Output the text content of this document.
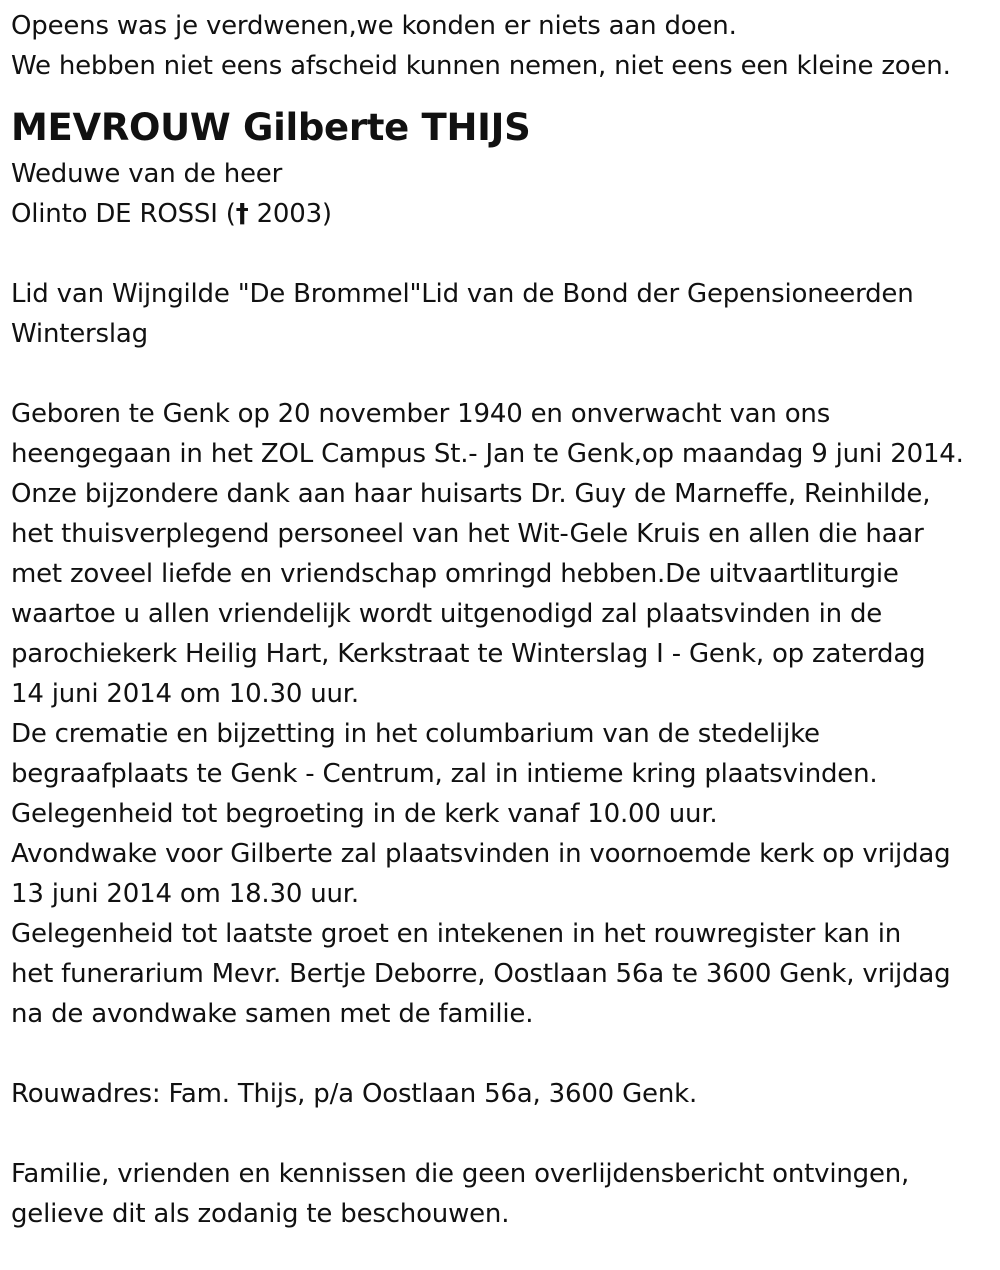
Opeens was je verdwenen,we konden er niets aan doen.
We hebben niet eens afscheid kunnen nemen, niet eens een kleine zoen.
MEVROUW Gilberte THIJS
Weduwe van de heer
Olinto DE ROSSI († 2003)
Lid van Wijngilde "De Brommel"Lid van de Bond der Gepensioneerden
Winterslag
Geboren te Genk op 20 november 1940 en onverwacht van ons
heengegaan in het ZOL Campus St.- Jan te Genk,op maandag 9 juni 2014.
Onze bijzondere dank aan haar huisarts Dr. Guy de Marneffe, Reinhilde,
het thuisverplegend personeel van het Wit-Gele Kruis en allen die haar
met zoveel liefde en vriendschap omringd hebben.De uitvaartliturgie
waartoe u allen vriendelijk wordt uitgenodigd zal plaatsvinden in de
parochiekerk Heilig Hart, Kerkstraat te Winterslag I - Genk, op zaterdag
14 juni 2014 om 10.30 uur.
De crematie en bijzetting in het columbarium van de stedelijke
begraafplaats te Genk - Centrum, zal in intieme kring plaatsvinden.
Gelegenheid tot begroeting in de kerk vanaf 10.00 uur.
Avondwake voor Gilberte zal plaatsvinden in voornoemde kerk op vrijdag
13 juni 2014 om 18.30 uur.
Gelegenheid tot laatste groet en intekenen in het rouwregister kan in
het funerarium Mevr. Bertje Deborre, Oostlaan 56a te 3600 Genk, vrijdag
na de avondwake samen met de familie.
Rouwadres: Fam. Thijs, p/a Oostlaan 56a, 3600 Genk.
Familie, vrienden en kennissen die geen overlijdensbericht ontvingen,
gelieve dit als zodanig te beschouwen.
